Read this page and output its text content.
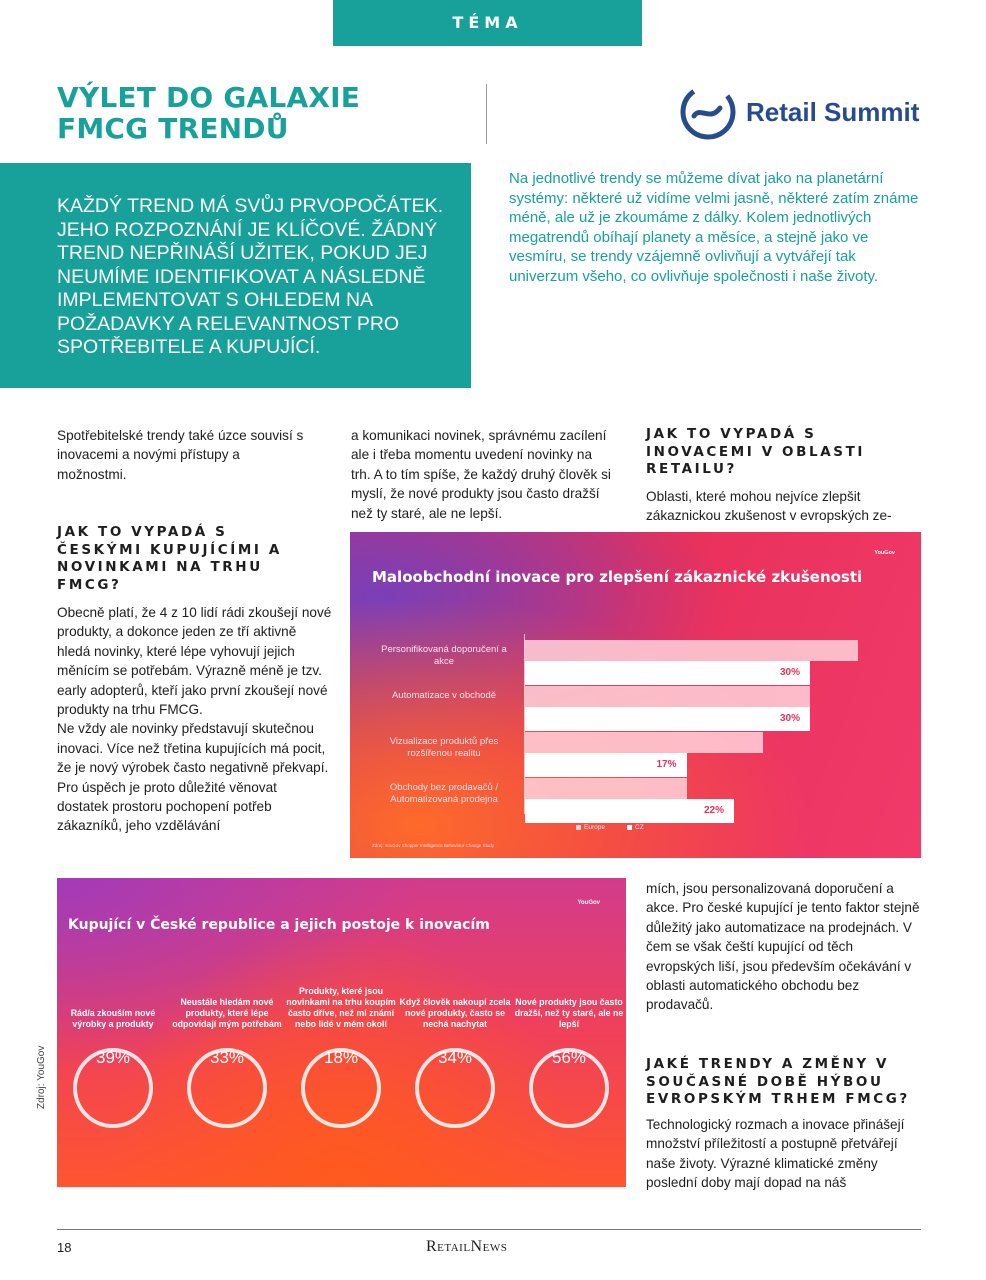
TÉMA
VÝLET DO GALAXIE FMCG TRENDŮ	Retail Summit

KAŽDÝ TREND MÁ SVŮJ PRVOPOČÁTEK. JEHO ROZPOZNÁNÍ JE KLÍČOVÉ. ŽÁDNÝ TREND NEPŘINÁŠÍ UŽITEK, POKUD JEJ NEUMÍME IDENTIFIKOVAT A NÁSLEDNĚ IMPLEMENTOVAT S OHLEDEM NA POŽADAVKY A RELEVANTNOST PRO SPOTŘEBITELE A KUPUJÍCÍ.

Na jednotlivé trendy se můžeme dívat jako na planetární systémy: některé už vidíme velmi jasně, některé zatím známe méně, ale už je zkoumáme z dálky. Kolem jednotlivých megatrendů obíhají planety a měsíce, a stejně jako ve vesmíru, se trendy vzájemně ovlivňují a vytvářejí tak univerzum všeho, co ovlivňuje společnosti i naše životy.

Spotřebitelské trendy také úzce souvisí s inovacemi a novými přístupy a možnostmi.

JAK TO VYPADÁ S ČESKÝMI KUPUJÍCÍMI A NOVINKAMI NA TRHU FMCG?

Obecně platí, že 4 z 10 lidí rádi zkoušejí nové produkty, a dokonce jeden ze tří aktivně hledá novinky, které lépe vyhovují jejich měnícím se potřebám. Výrazně méně je tzv. early adopterů, kteří jako první zkoušejí nové produkty na trhu FMCG.

Ne vždy ale novinky představují skutečnou inovaci. Více než třetina kupujících má pocit, že je nový výrobek často negativně překvapí. Pro úspěch je proto důležité věnovat dostatek prostoru pochopení potřeb zákazníků, jeho vzdělávání

a komunikaci novinek, správnému zacílení ale i třeba momentu uvedení novinky na trh. A to tím spíše, že každý druhý člověk si myslí, že nové produkty jsou často dražší než ty staré, ale ne lepší.

JAK TO VYPADÁ S INOVACEMI V OBLASTI RETAILU?

Oblasti, které mohou nejvíce zlepšit zákaznickou zkušenost v evropských ze-

YouGov
Maloobchodní inovace pro zlepšení zákaznické zkušenosti
Personifikovaná doporučení a akce
30%
Automatizace v obchodě
30%
Vizualizace produktů přes rozšířenou realitu
17%
Obchody bez prodavačů / Automatizovaná prodejna
22%
Europe	CZ
Zdroj: YouGov Shopper Intelligence Behaviour Change Study
YouGov
Kupující v České republice a jejich postoje k inovacím
Rád/a zkouším nové výrobky a produkty
39%
Neustále hledám nové produkty, které lépe odpovídají mým potřebám
33%
Produkty, které jsou novinkami na trhu koupím často dříve, než mí známí nebo lidé v mém okolí
18%
Když člověk nakoupí zcela nové produkty, často se nechá nachytat
34%
Nové produkty jsou často dražší, než ty staré, ale ne lepší
56%
Zdroj: YouGov

mích, jsou personalizovaná doporučení a akce. Pro české kupující je tento faktor stejně důležitý jako automatizace na prodejnách. V čem se však čeští kupující od těch evropských liší, jsou především očekávání v oblasti automatického obchodu bez prodavačů.

JAKÉ TRENDY A ZMĚNY V SOUČASNÉ DOBĚ HÝBOU EVROPSKÝM TRHEM FMCG?

Technologický rozmach a inovace přinášejí množství příležitostí a postupně přetvářejí naše životy. Výrazné klimatické změny poslední doby mají dopad na náš

18	RetailNews
